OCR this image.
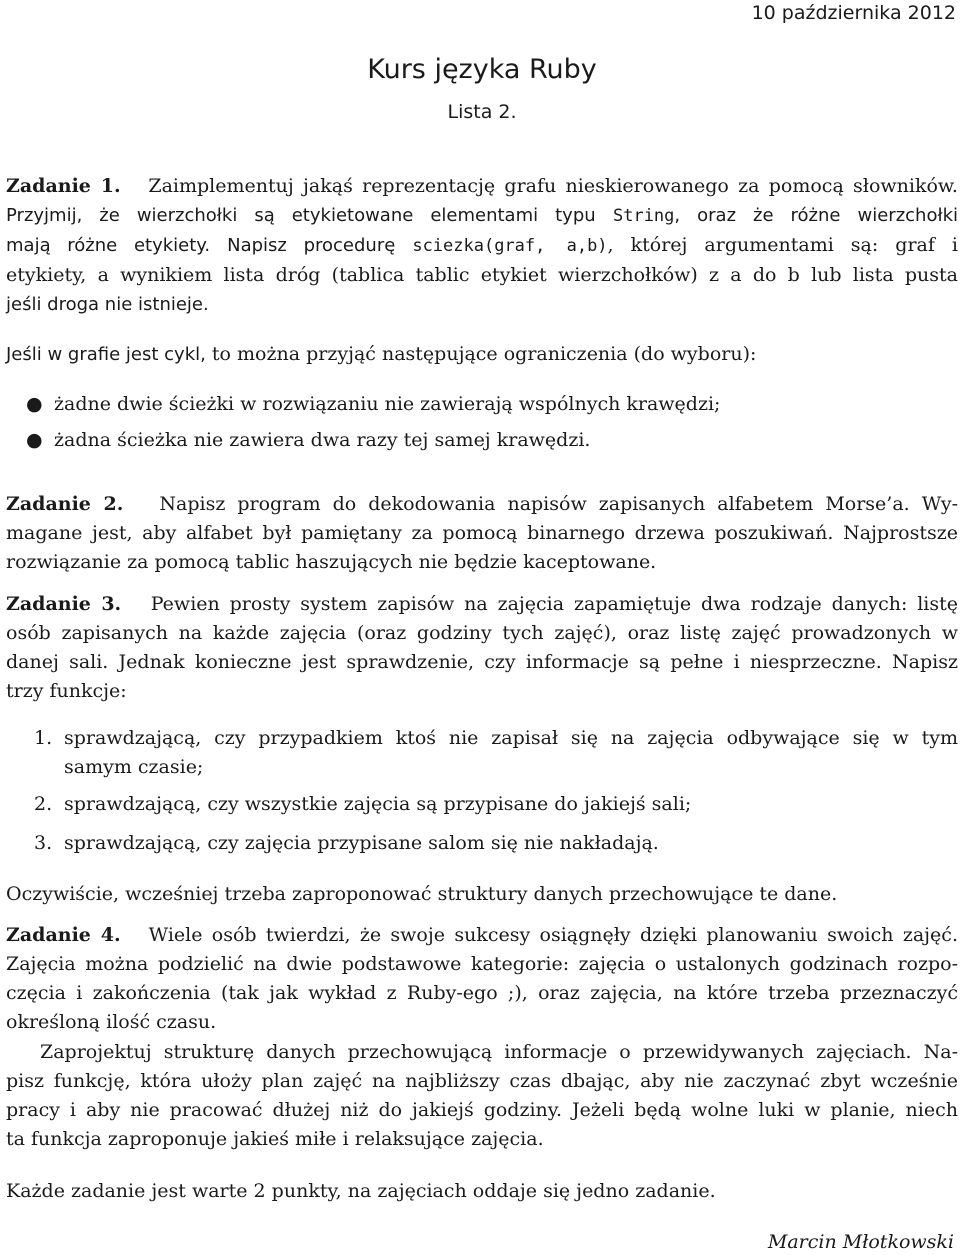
10 października 2012
Kurs języka Ruby
Lista 2.
Zadanie 1. Zaimplementuj jakąś reprezentację grafu nieskierowanego za pomocą słowników.
Przyjmij, że wierzchołki są etykietowane elementami typu String, oraz że różne wierzchołki
mają różne etykiety. Napisz procedurę sciezka(graf, a,b), której argumentami są: graf i
etykiety, a wynikiem lista dróg (tablica tablic etykiet wierzchołków) z a do b lub lista pusta
jeśli droga nie istnieje.
Jeśli w grafie jest cykl, to można przyjąć następujące ograniczenia (do wyboru):
● żadne dwie ścieżki w rozwiązaniu nie zawierają wspólnych krawędzi;
● żadna ścieżka nie zawiera dwa razy tej samej krawędzi.
Zadanie 2. Napisz program do dekodowania napisów zapisanych alfabetem Morse’a. Wy-
magane jest, aby alfabet był pamiętany za pomocą binarnego drzewa poszukiwań. Najprostsze
rozwiązanie za pomocą tablic haszujących nie będzie kaceptowane.
Zadanie 3. Pewien prosty system zapisów na zajęcia zapamiętuje dwa rodzaje danych: listę
osób zapisanych na każde zajęcia (oraz godziny tych zajęć), oraz listę zajęć prowadzonych w
danej sali. Jednak konieczne jest sprawdzenie, czy informacje są pełne i niesprzeczne. Napisz
trzy funkcje:
1. sprawdzającą, czy przypadkiem ktoś nie zapisał się na zajęcia odbywające się w tym
samym czasie;
2. sprawdzającą, czy wszystkie zajęcia są przypisane do jakiejś sali;
3. sprawdzającą, czy zajęcia przypisane salom się nie nakładają.
Oczywiście, wcześniej trzeba zaproponować struktury danych przechowujące te dane.
Zadanie 4. Wiele osób twierdzi, że swoje sukcesy osiągnęły dzięki planowaniu swoich zajęć.
Zajęcia można podzielić na dwie podstawowe kategorie: zajęcia o ustalonych godzinach rozpo-
częcia i zakończenia (tak jak wykład z Ruby-ego ;), oraz zajęcia, na które trzeba przeznaczyć
określoną ilość czasu.
Zaprojektuj strukturę danych przechowującą informacje o przewidywanych zajęciach. Na-
pisz funkcję, która ułoży plan zajęć na najbliższy czas dbając, aby nie zaczynać zbyt wcześnie
pracy i aby nie pracować dłużej niż do jakiejś godziny. Jeżeli będą wolne luki w planie, niech
ta funkcja zaproponuje jakieś miłe i relaksujące zajęcia.
Każde zadanie jest warte 2 punkty, na zajęciach oddaje się jedno zadanie.
Marcin Młotkowski
